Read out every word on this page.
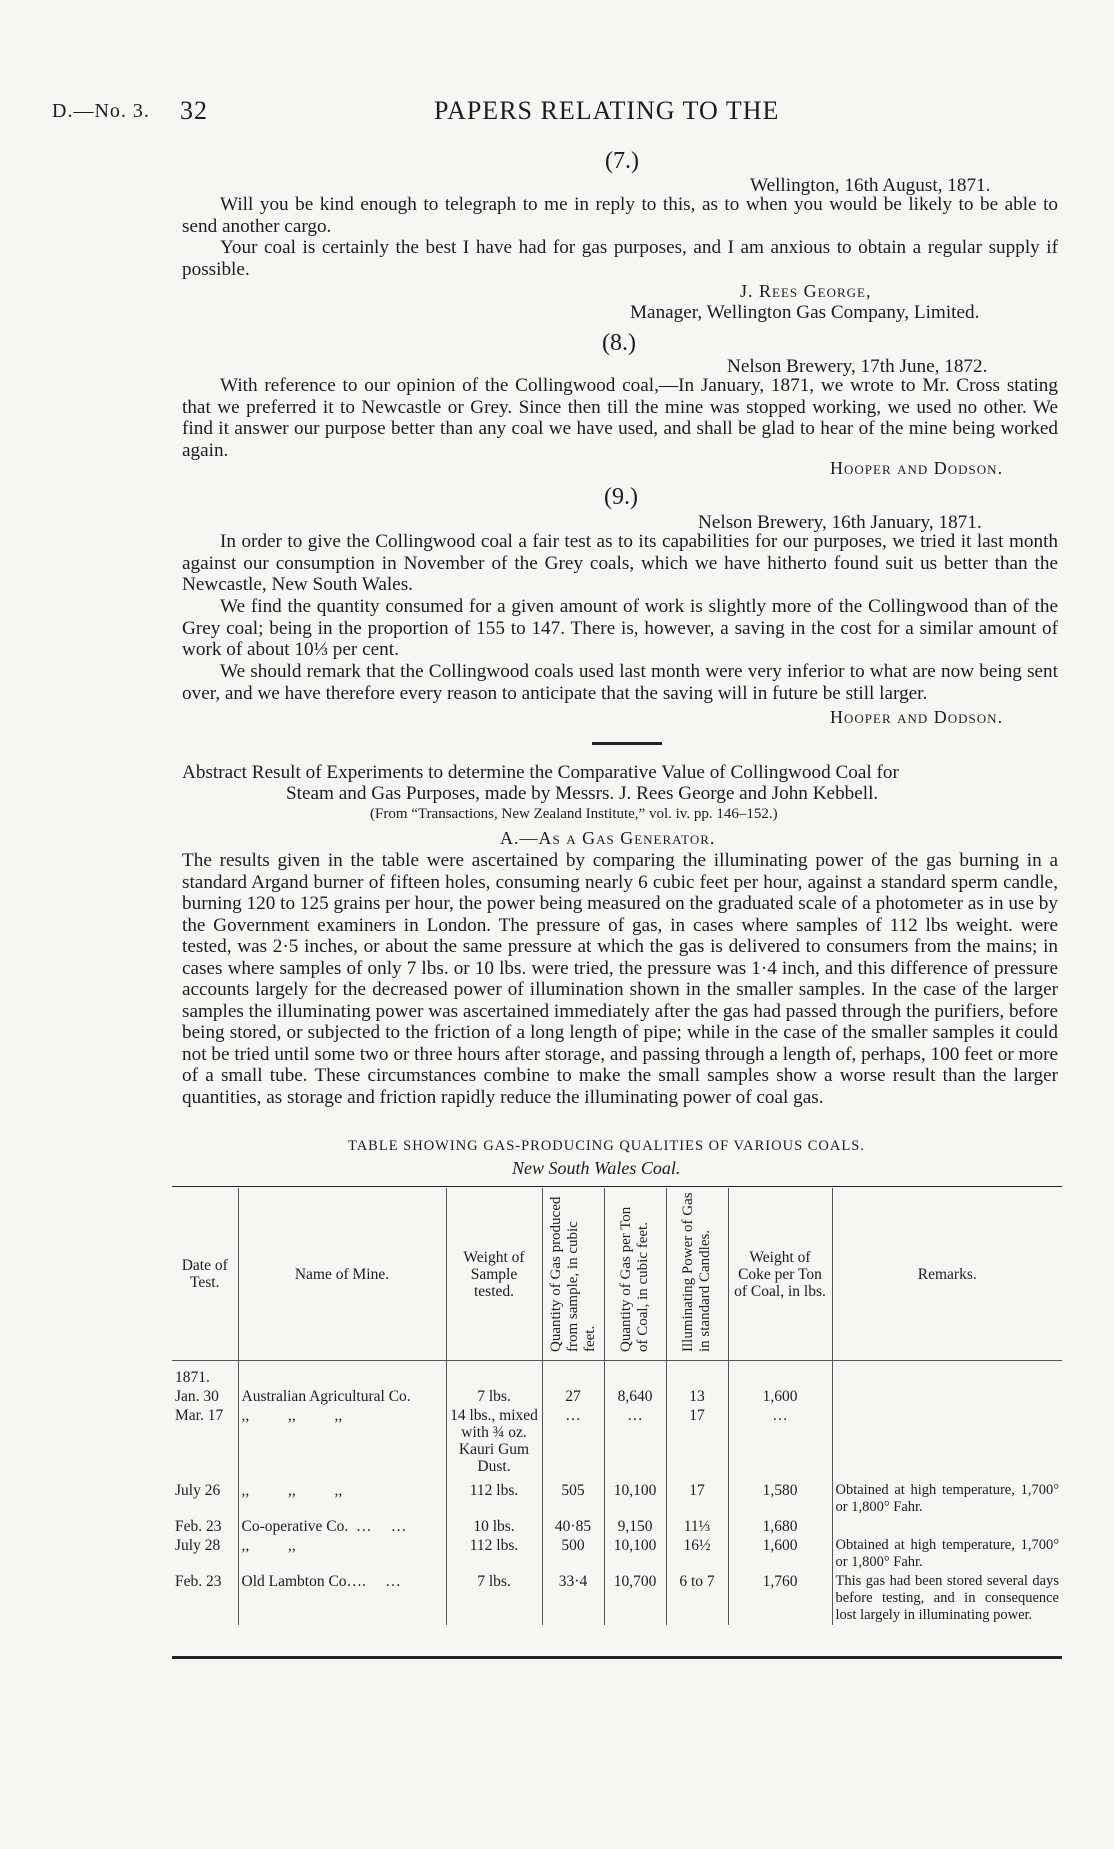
D.—No. 3. 32	PAPERS RELATING TO THE
(7.)
Wellington, 16th August, 1871.
Will you be kind enough to telegraph to me in reply to this, as to when you would be likely to be able to send another cargo.
Your coal is certainly the best I have had for gas purposes, and I am anxious to obtain a regular supply if possible.
J. Rees George,
Manager, Wellington Gas Company, Limited.
(8.)
Nelson Brewery, 17th June, 1872.
With reference to our opinion of the Collingwood coal,—In January, 1871, we wrote to Mr. Cross stating that we preferred it to Newcastle or Grey. Since then till the mine was stopped working, we used no other. We find it answer our purpose better than any coal we have used, and shall be glad to hear of the mine being worked again.
Hooper and Dodson.
(9.)
Nelson Brewery, 16th January, 1871.
In order to give the Collingwood coal a fair test as to its capabilities for our purposes, we tried it last month against our consumption in November of the Grey coals, which we have hitherto found suit us better than the Newcastle, New South Wales.
We find the quantity consumed for a given amount of work is slightly more of the Collingwood than of the Grey coal; being in the proportion of 155 to 147. There is, however, a saving in the cost for a similar amount of work of about 10⅓ per cent.
We should remark that the Collingwood coals used last month were very inferior to what are now being sent over, and we have therefore every reason to anticipate that the saving will in future be still larger.
Hooper and Dodson.
Abstract Result of Experiments to determine the Comparative Value of Collingwood Coal for
Steam and Gas Purposes, made by Messrs. J. Rees George and John Kebbell.
(From “Transactions, New Zealand Institute,” vol. iv. pp. 146–152.)
A.—As a Gas Generator.
The results given in the table were ascertained by comparing the illuminating power of the gas burning in a standard Argand burner of fifteen holes, consuming nearly 6 cubic feet per hour, against a standard sperm candle, burning 120 to 125 grains per hour, the power being measured on the graduated scale of a photometer as in use by the Government examiners in London. The pressure of gas, in cases where samples of 112 lbs weight. were tested, was 2·5 inches, or about the same pressure at which the gas is delivered to consumers from the mains; in cases where samples of only 7 lbs. or 10 lbs. were tried, the pressure was 1·4 inch, and this difference of pressure accounts largely for the decreased power of illumination shown in the smaller samples. In the case of the larger samples the illuminating power was ascertained immediately after the gas had passed through the purifiers, before being stored, or subjected to the friction of a long length of pipe; while in the case of the smaller samples it could not be tried until some two or three hours after storage, and passing through a length of, perhaps, 100 feet or more of a small tube. These circumstances combine to make the small samples show a worse result than the larger quantities, as storage and friction rapidly reduce the illuminating power of coal gas.
TABLE SHOWING GAS-PRODUCING QUALITIES OF VARIOUS COALS.
New South Wales Coal.
Date of Test.	Name of Mine.	Weight of Sample tested.	Quantity of Gas produced from sample, in cubic feet.	Quantity of Gas per Ton of Coal, in cubic feet.	Illuminating Power of Gas in standard Candles.	Weight of Coke per Ton of Coal, in lbs.	Remarks.
1871.							
Jan. 30	Australian Agricultural Co.	7 lbs.	27	8,640	13	1,600	
Mar. 17	,,          ,,          ,,	14 lbs., mixed with ¾ oz. Kauri Gum Dust.	…	…	17	…	
July 26	,,          ,,          ,,	112 lbs.	505	10,100	17	1,580	Obtained at high temperature, 1,700° or 1,800° Fahr.
Feb. 23	Co-operative Co.  …     …	10 lbs.	40·85	9,150	11⅓	1,680	
July 28	,,          ,,	112 lbs.	500	10,100	16½	1,600	Obtained at high temperature, 1,700° or 1,800° Fahr.
Feb. 23	Old Lambton Co….     …	7 lbs.	33·4	10,700	6 to 7	1,760	This gas had been stored several days before testing, and in consequence lost largely in illuminating power.
